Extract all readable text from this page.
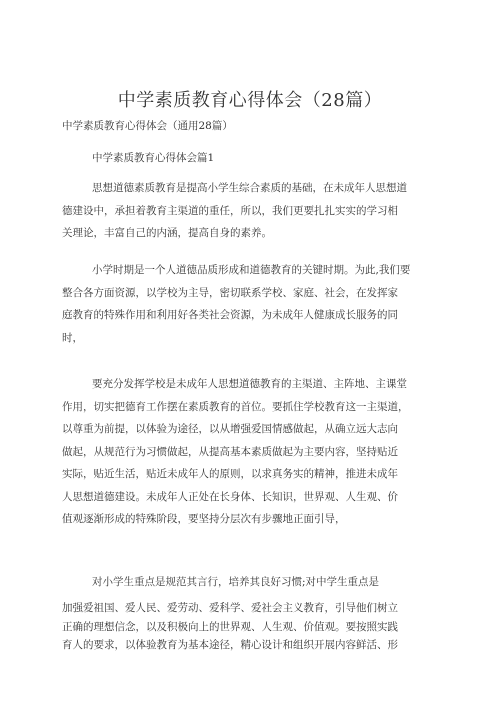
中学素质教育心得体会（28篇）
中学素质教育心得体会（通用28篇）
中学素质教育心得体会篇1
思想道德素质教育是提高小学生综合素质的基础，在未成年人思想道
德建设中，承担着教育主渠道的重任，所以，我们更要扎扎实实的学习相
关理论，丰富自己的内涵，提高自身的素养。
小学时期是一个人道德品质形成和道德教育的关键时期。为此,我们要
整合各方面资源，以学校为主导，密切联系学校、家庭、社会，在发挥家
庭教育的特殊作用和利用好各类社会资源，为未成年人健康成长服务的同
时，
要充分发挥学校是未成年人思想道德教育的主渠道、主阵地、主课堂
作用，切实把德育工作摆在素质教育的首位。要抓住学校教育这一主渠道，
以尊重为前提，以体验为途径，以从增强爱国情感做起，从确立远大志向
做起，从规范行为习惯做起，从提高基本素质做起为主要内容，坚持贴近
实际，贴近生活，贴近未成年人的原则，以求真务实的精神，推进未成年
人思想道德建设。未成年人正处在长身体、长知识，世界观、人生观、价
值观逐渐形成的特殊阶段，要坚持分层次有步骤地正面引导，
对小学生重点是规范其言行，培养其良好习惯;对中学生重点是
加强爱祖国、爱人民、爱劳动、爱科学、爱社会主义教育，引导他们树立
正确的理想信念，以及积极向上的世界观、人生观、价值观。要按照实践
育人的要求，以体验教育为基本途径，精心设计和组织开展内容鲜活、形
